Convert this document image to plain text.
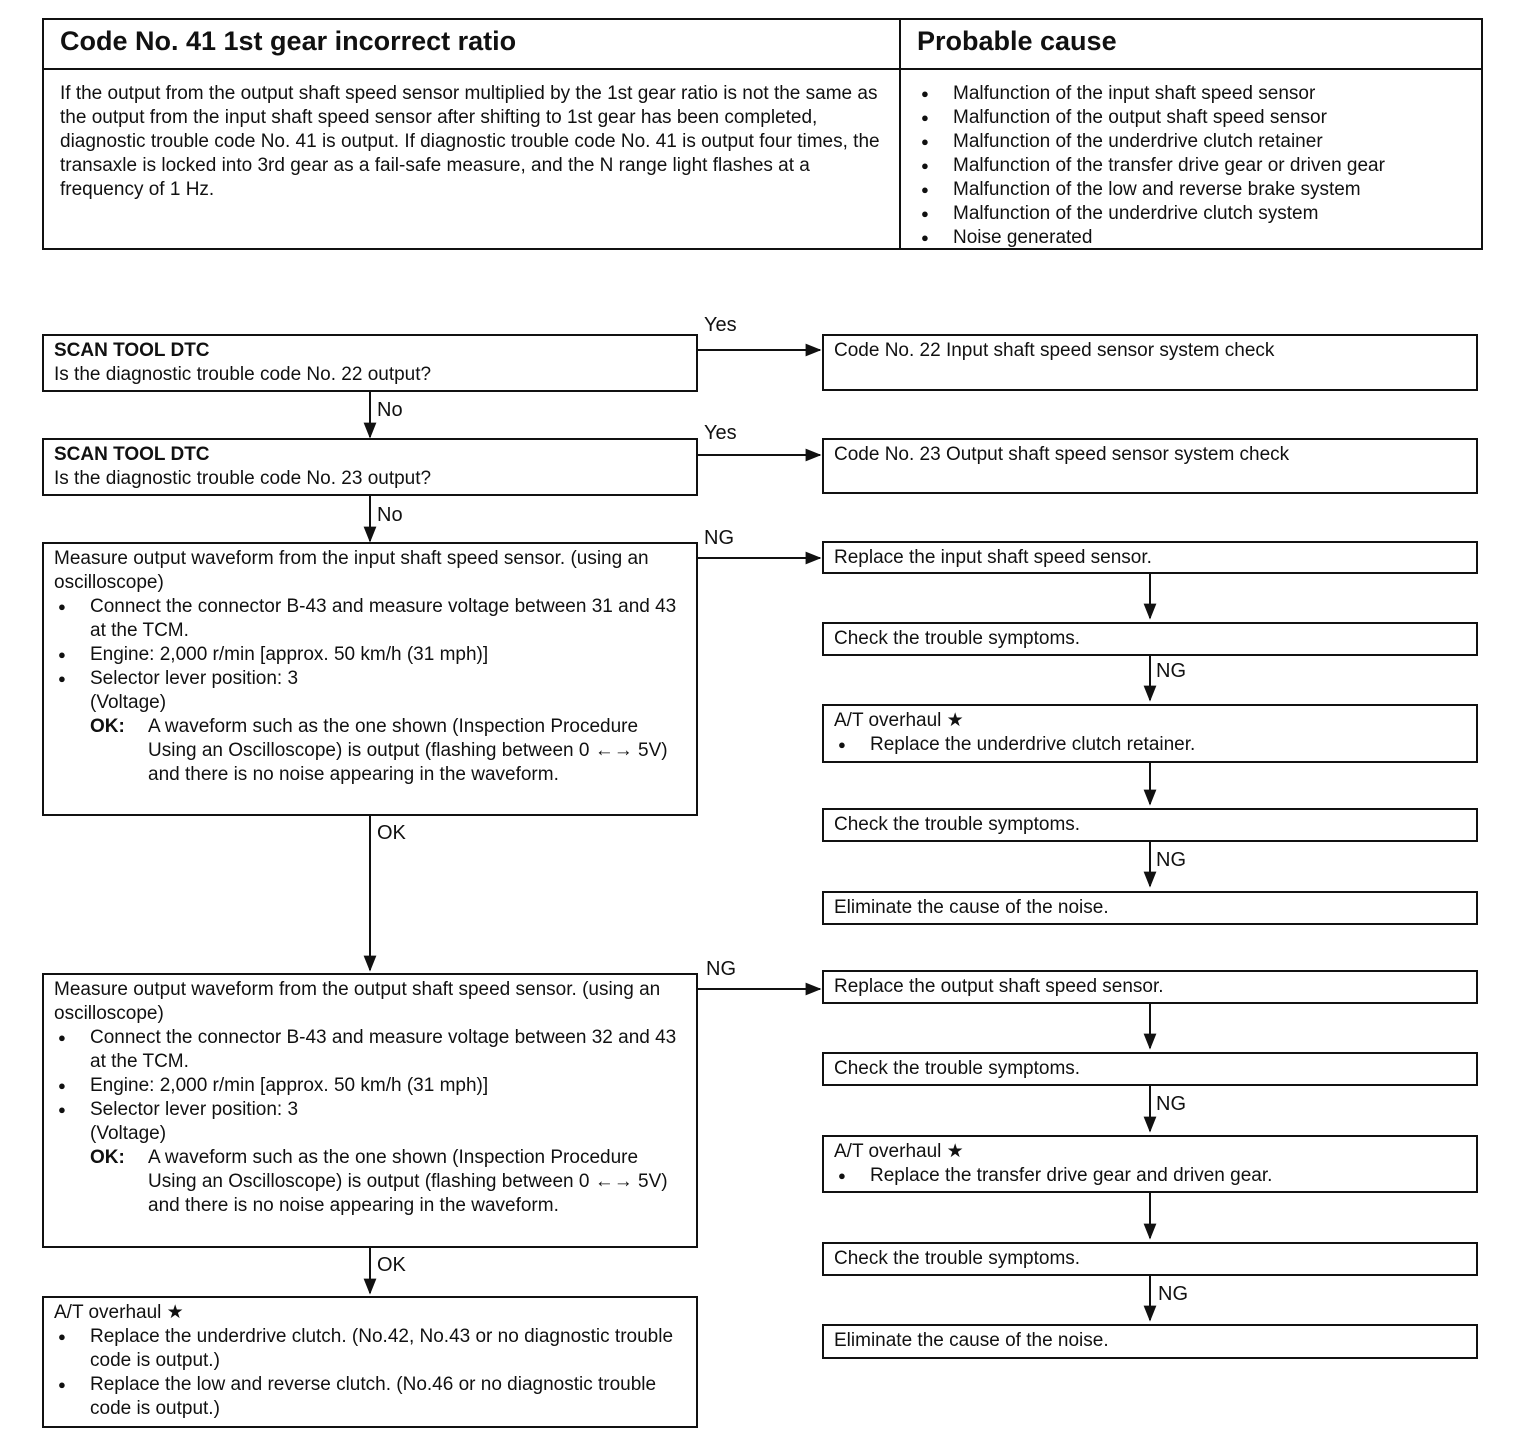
Code No. 41 1st gear incorrect ratio	Probable cause
If the output from the output shaft speed sensor multiplied by the 1st gear ratio is not the same as the output from the input shaft speed sensor after shifting to 1st gear has been completed, diagnostic trouble code No. 41 is output. If diagnostic trouble code No. 41 is output four times, the transaxle is locked into 3rd gear as a fail-safe measure, and the N range light flashes at a frequency of 1 Hz.
● Malfunction of the input shaft speed sensor
● Malfunction of the output shaft speed sensor
● Malfunction of the underdrive clutch retainer
● Malfunction of the transfer drive gear or driven gear
● Malfunction of the low and reverse brake system
● Malfunction of the underdrive clutch system
● Noise generated
SCAN TOOL DTC
Is the diagnostic trouble code No. 22 output?
SCAN TOOL DTC
Is the diagnostic trouble code No. 23 output?
Measure output waveform from the input shaft speed sensor. (using an oscilloscope)
● Connect the connector B-43 and measure voltage between 31 and 43 at the TCM.
● Engine: 2,000 r/min [approx. 50 km/h (31 mph)]
● Selector lever position: 3
(Voltage)
OK:	A waveform such as the one shown (Inspection Procedure Using an Oscilloscope) is output (flashing between 0 ←→ 5V) and there is no noise appearing in the waveform.
Measure output waveform from the output shaft speed sensor. (using an oscilloscope)
● Connect the connector B-43 and measure voltage between 32 and 43 at the TCM.
● Engine: 2,000 r/min [approx. 50 km/h (31 mph)]
● Selector lever position: 3
(Voltage)
OK:	A waveform such as the one shown (Inspection Procedure Using an Oscilloscope) is output (flashing between 0 ←→ 5V) and there is no noise appearing in the waveform.
A/T overhaul ★
● Replace the underdrive clutch. (No.42, No.43 or no diagnostic trouble code is output.)
● Replace the low and reverse clutch. (No.46 or no diagnostic trouble code is output.)
Code No. 22 Input shaft speed sensor system check
Code No. 23 Output shaft speed sensor system check
Replace the input shaft speed sensor.
Check the trouble symptoms.
A/T overhaul ★
● Replace the underdrive clutch retainer.
Check the trouble symptoms.
Eliminate the cause of the noise.
Replace the output shaft speed sensor.
Check the trouble symptoms.
A/T overhaul ★
● Replace the transfer drive gear and driven gear.
Check the trouble symptoms.
Eliminate the cause of the noise.
Yes
No
Yes
No
NG
OK
NG
OK
NG
NG
NG
NG
